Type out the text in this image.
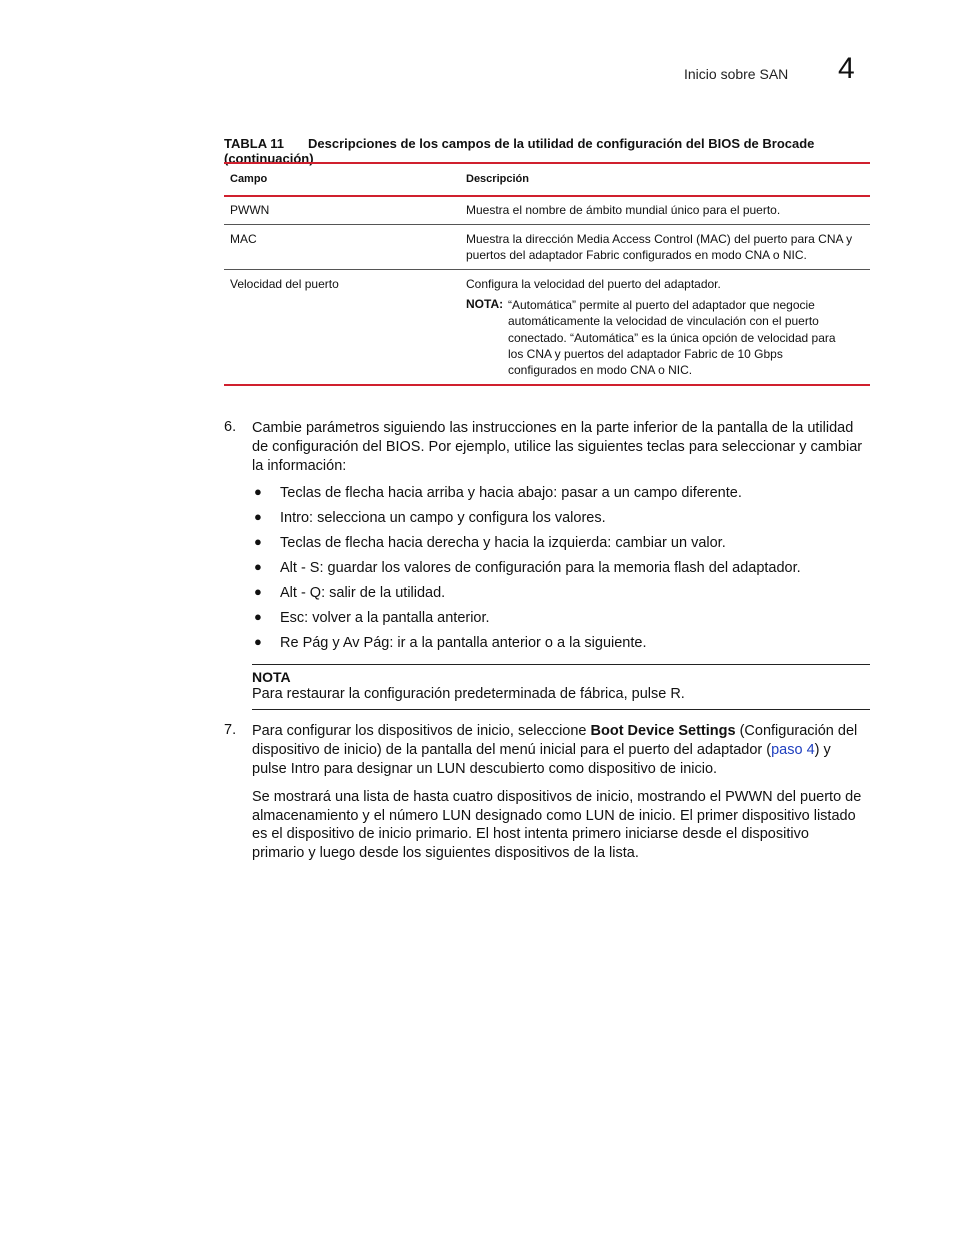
Inicio sobre SAN 4
TABLA 11 Descripciones de los campos de la utilidad de configuración del BIOS de Brocade (continuación)
Campo	Descripción
PWWN	Muestra el nombre de ámbito mundial único para el puerto.
MAC	Muestra la dirección Media Access Control (MAC) del puerto para CNA y
puertos del adaptador Fabric configurados en modo CNA o NIC.
Velocidad del puerto	Configura la velocidad del puerto del adaptador.
NOTA: “Automática” permite al puerto del adaptador que negocie
automáticamente la velocidad de vinculación con el puerto
conectado. “Automática” es la única opción de velocidad para
los CNA y puertos del adaptador Fabric de 10 Gbps
configurados en modo CNA o NIC.
6. Cambie parámetros siguiendo las instrucciones en la parte inferior de la pantalla de la utilidad
de configuración del BIOS. Por ejemplo, utilice las siguientes teclas para seleccionar y cambiar
la información:
● Teclas de flecha hacia arriba y hacia abajo: pasar a un campo diferente.
● Intro: selecciona un campo y configura los valores.
● Teclas de flecha hacia derecha y hacia la izquierda: cambiar un valor.
● Alt - S: guardar los valores de configuración para la memoria flash del adaptador.
● Alt - Q: salir de la utilidad.
● Esc: volver a la pantalla anterior.
● Re Pág y Av Pág: ir a la pantalla anterior o a la siguiente.
NOTA
Para restaurar la configuración predeterminada de fábrica, pulse R.
7. Para configurar los dispositivos de inicio, seleccione Boot Device Settings (Configuración del
dispositivo de inicio) de la pantalla del menú inicial para el puerto del adaptador (paso 4) y
pulse Intro para designar un LUN descubierto como dispositivo de inicio.
Se mostrará una lista de hasta cuatro dispositivos de inicio, mostrando el PWWN del puerto de
almacenamiento y el número LUN designado como LUN de inicio. El primer dispositivo listado
es el dispositivo de inicio primario. El host intenta primero iniciarse desde el dispositivo
primario y luego desde los siguientes dispositivos de la lista.
